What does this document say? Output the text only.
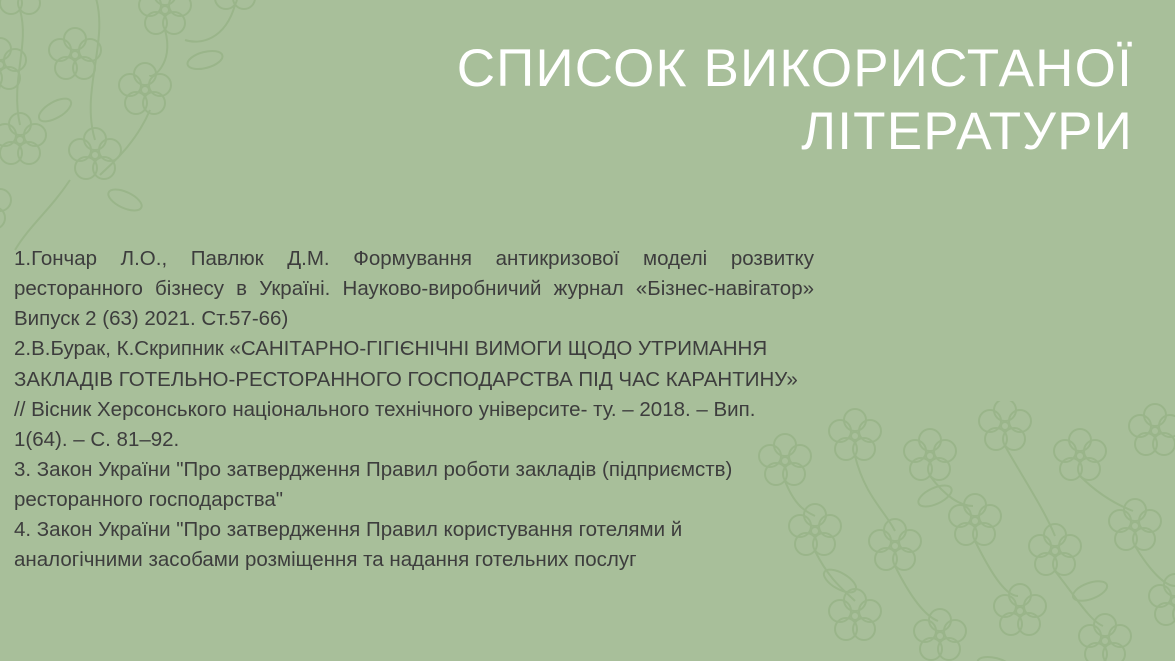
СПИСОК ВИКОРИСТАНОЇ
ЛІТЕРАТУРИ

1.Гончар Л.О., Павлюк Д.М. Формування антикризової моделі розвитку ресторанного бізнесу в Україні. Науково-виробничий журнал «Бізнес-навігатор» Випуск 2 (63) 2021. Ст.57-66)

2.В.Бурак, К.Скрипник «САНІТАРНО-ГІГІЄНІЧНІ ВИМОГИ ЩОДО УТРИМАННЯ ЗАКЛАДІВ ГОТЕЛЬНО-РЕСТОРАННОГО ГОСПОДАРСТВА ПІД ЧАС КАРАНТИНУ» // Вісник Херсонського національного технічного університе- ту. – 2018. – Вип. 1(64). – С. 81–92.

3. Закон України "Про затвердження Правил роботи закладів (підприємств) ресторанного господарства"

4. Закон України "Про затвердження Правил користування готелями й аналогічними засобами розміщення та надання готельних послуг
